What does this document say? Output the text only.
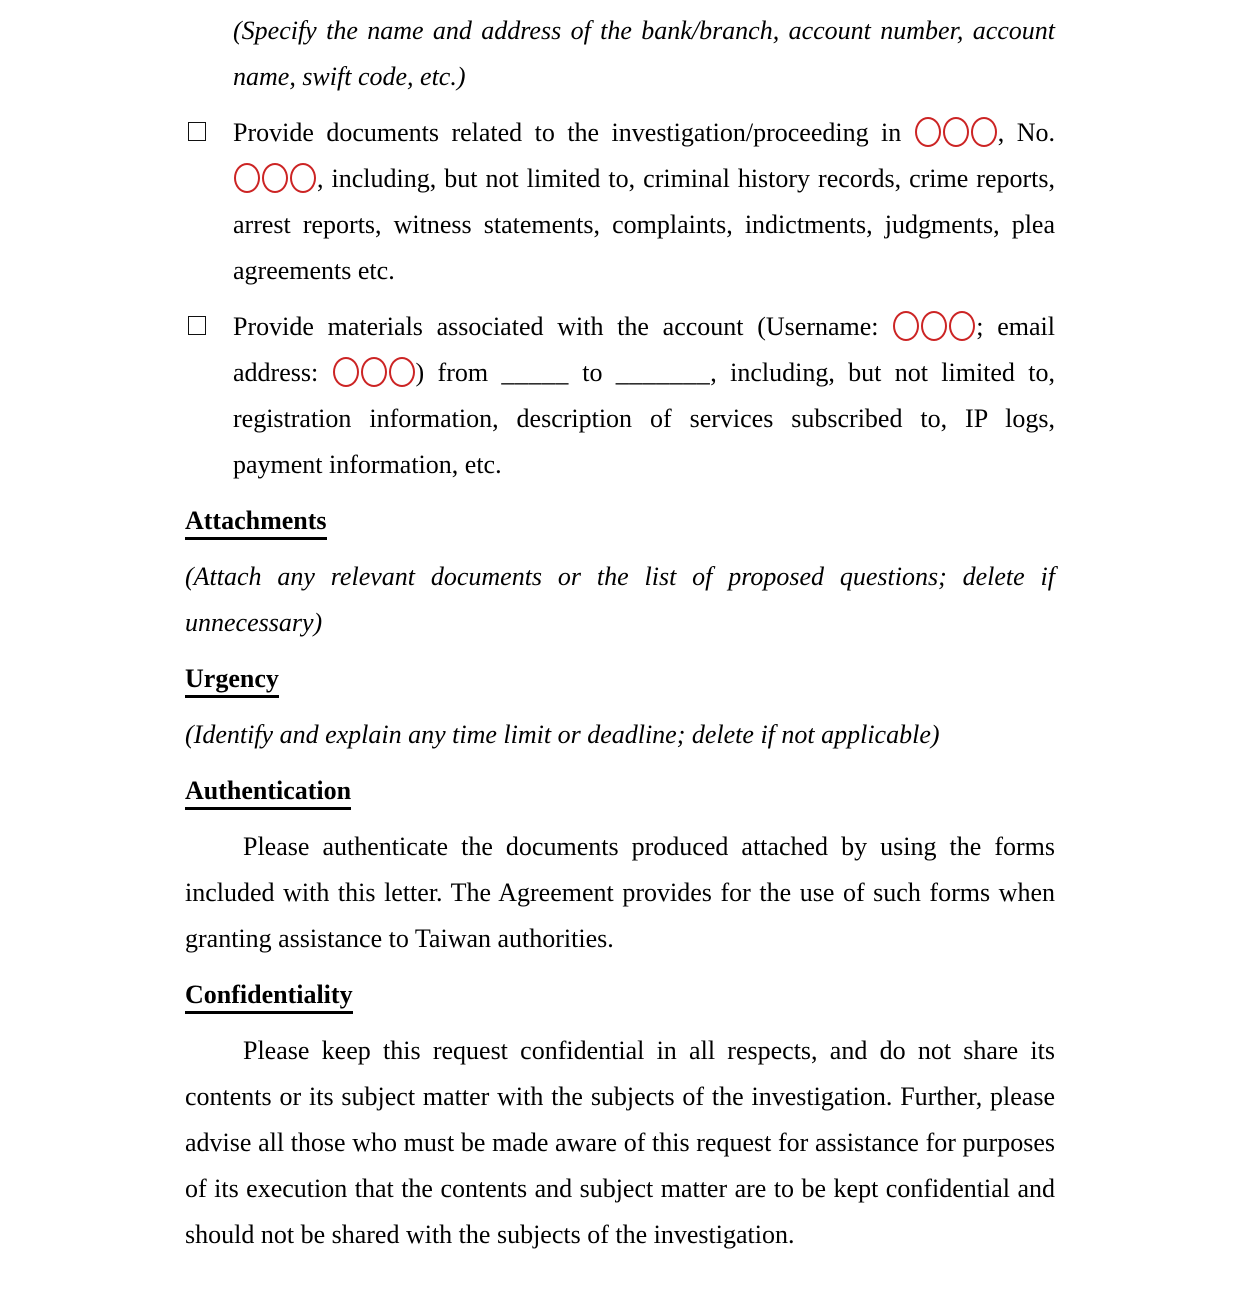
(Specify the name and address of the bank/branch, account number, account name, swift code, etc.)

Provide documents related to the investigation/proceeding in	, No. , including, but not limited to, criminal history records, crime reports, arrest reports, witness statements, complaints, indictments, judgments, plea agreements etc.

Provide materials associated with the account (Username:	; email address:	) from _____ to _______, including, but not limited to, registration information, description of services subscribed to, IP logs, payment information, etc.

Attachments

(Attach any relevant documents or the list of proposed questions; delete if unnecessary)

Urgency

(Identify and explain any time limit or deadline; delete if not applicable)

Authentication

Please authenticate the documents produced attached by using the forms included with this letter. The Agreement provides for the use of such forms when granting assistance to Taiwan authorities.

Confidentiality

Please keep this request confidential in all respects, and do not share its contents or its subject matter with the subjects of the investigation. Further, please advise all those who must be made aware of this request for assistance for purposes of its execution that the contents and subject matter are to be kept confidential and should not be shared with the subjects of the investigation.
